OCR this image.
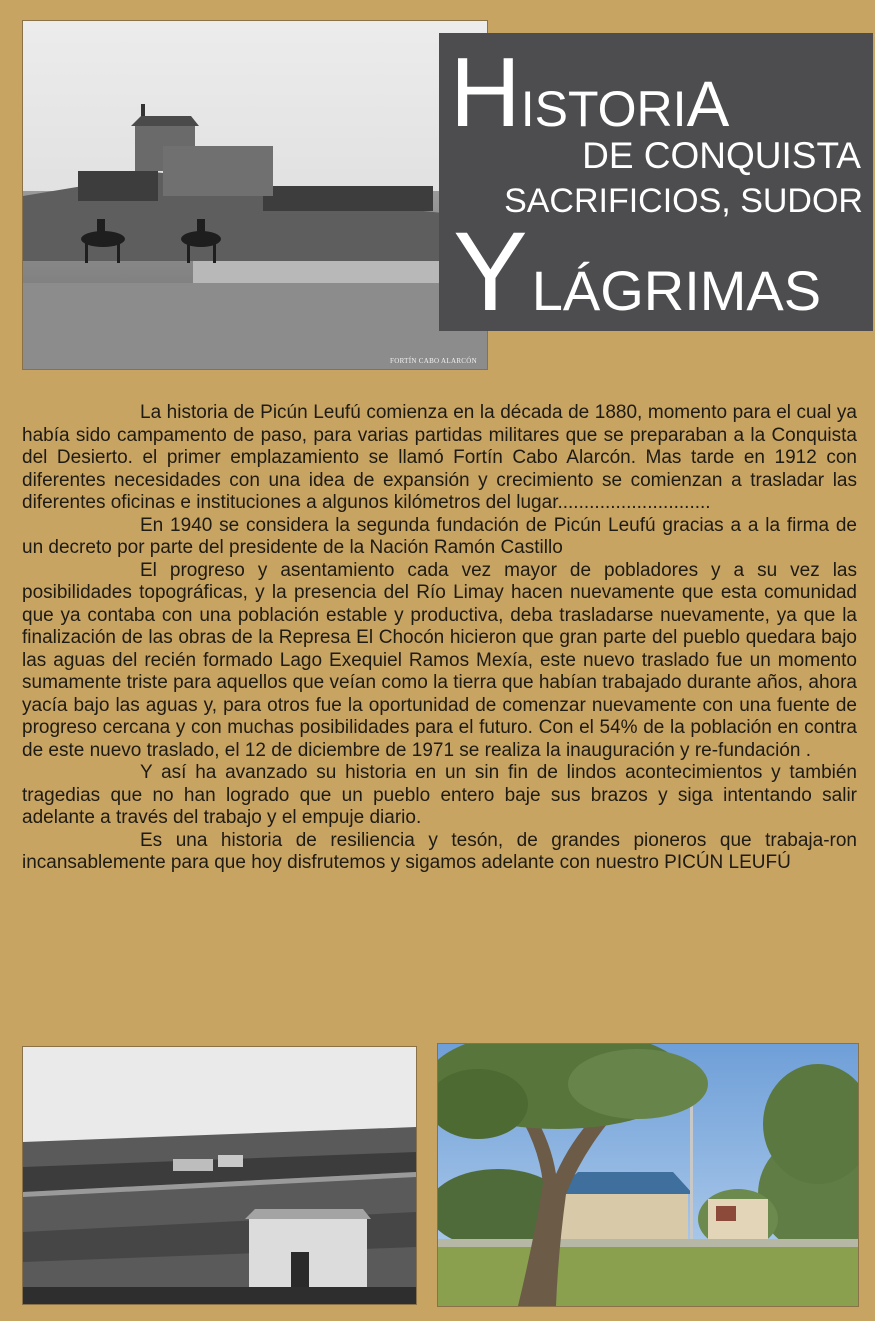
FORTÍN CABO ALARCÓN
HISTORIA
DE CONQUISTA
SACRIFICIOS, SUDOR
YLÁGRIMAS

La historia de Picún Leufú comienza en la década de 1880, momento para el cual ya había sido campamento de paso, para varias partidas militares que se preparaban a la Conquista del Desierto. el primer emplazamiento se llamó Fortín Cabo Alarcón. Mas tarde en 1912 con diferentes necesidades con una idea de expansión y crecimiento se comienzan a trasladar las diferentes oficinas e instituciones a algunos kilómetros del lugar.............................

En 1940 se considera la segunda fundación de Picún Leufú gracias a a la firma de un decreto por parte del presidente de la Nación Ramón Castillo

El progreso y asentamiento cada vez mayor de pobladores y a su vez las posibilidades topográficas, y la presencia del Río Limay hacen nuevamente que esta comunidad que ya contaba con una población estable y productiva, deba trasladarse nuevamente, ya que la finalización de las obras de la Represa El Chocón hicieron que gran parte del pueblo quedara bajo las aguas del recién formado Lago Exequiel Ramos Mexía, este nuevo traslado fue un momento sumamente triste para aquellos que veían como la tierra que habían trabajado durante años, ahora yacía bajo las aguas y, para otros fue la oportunidad de comenzar nuevamente con una fuente de progreso cercana y con muchas posibilidades para el futuro. Con el 54% de la población en contra de este nuevo traslado, el 12 de diciembre de 1971 se realiza la inauguración y re-fundación .

Y así ha avanzado su historia en un sin fin de lindos acontecimientos y también tragedias que no han logrado que un pueblo entero baje sus brazos y siga intentando salir adelante a través del trabajo y el empuje diario.

Es una historia de resiliencia y tesón, de grandes pioneros que trabaja-ron incansablemente para que hoy disfrutemos y sigamos adelante con nuestro PICÚN LEUFÚ
